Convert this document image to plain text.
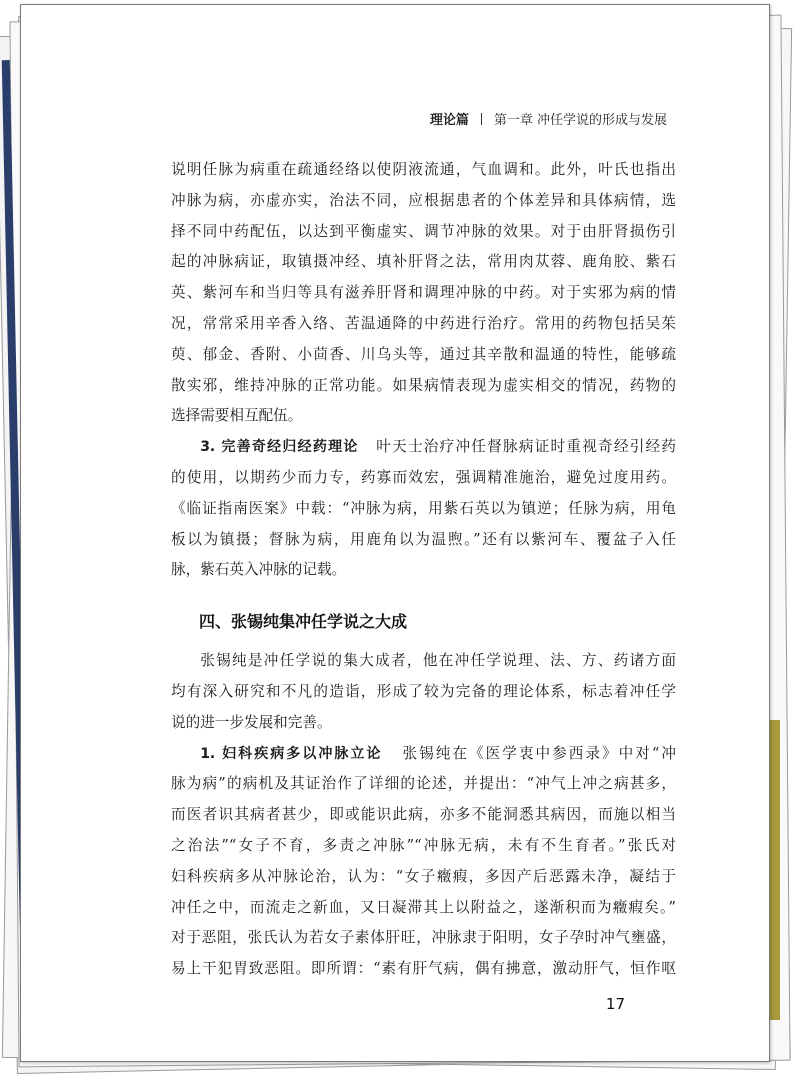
理论篇 第一章 冲任学说的形成与发展

说明任脉为病重在疏通经络以使阴液流通，气血调和。此外，叶氏也指出

冲脉为病，亦虚亦实，治法不同，应根据患者的个体差异和具体病情，选

择不同中药配伍，以达到平衡虚实、调节冲脉的效果。对于由肝肾损伤引

起的冲脉病证，取镇摄冲经、填补肝肾之法，常用肉苁蓉、鹿角胶、紫石

英、紫河车和当归等具有滋养肝肾和调理冲脉的中药。对于实邪为病的情

况，常常采用辛香入络、苦温通降的中药进行治疗。常用的药物包括吴茱

萸、郁金、香附、小茴香、川乌头等，通过其辛散和温通的特性，能够疏

散实邪，维持冲脉的正常功能。如果病情表现为虚实相交的情况，药物的

选择需要相互配伍。

3. 完善奇经归经药理论 叶天士治疗冲任督脉病证时重视奇经引经药

的使用，以期药少而力专，药寡而效宏，强调精准施治，避免过度用药。

《临证指南医案》中载：“冲脉为病，用紫石英以为镇逆；任脉为病，用龟

板以为镇摄；督脉为病，用鹿角以为温煦。”还有以紫河车、覆盆子入任

脉，紫石英入冲脉的记载。

四、张锡纯集冲任学说之大成

张锡纯是冲任学说的集大成者，他在冲任学说理、法、方、药诸方面

均有深入研究和不凡的造诣，形成了较为完备的理论体系，标志着冲任学

说的进一步发展和完善。

1. 妇科疾病多以冲脉立论 张锡纯在《医学衷中参西录》中对“冲

脉为病”的病机及其证治作了详细的论述，并提出：“冲气上冲之病甚多，

而医者识其病者甚少，即或能识此病，亦多不能洞悉其病因，而施以相当

之治法”“女子不育，多责之冲脉”“冲脉无病，未有不生育者。”张氏对

妇科疾病多从冲脉论治，认为：“女子癥瘕，多因产后恶露未净，凝结于

冲任之中，而流走之新血，又日凝滞其上以附益之，遂渐积而为癥瘕矣。”

对于恶阻，张氏认为若女子素体肝旺，冲脉隶于阳明，女子孕时冲气壅盛，

易上干犯胃致恶阻。即所谓：“素有肝气病，偶有拂意，激动肝气，恒作呕

17
